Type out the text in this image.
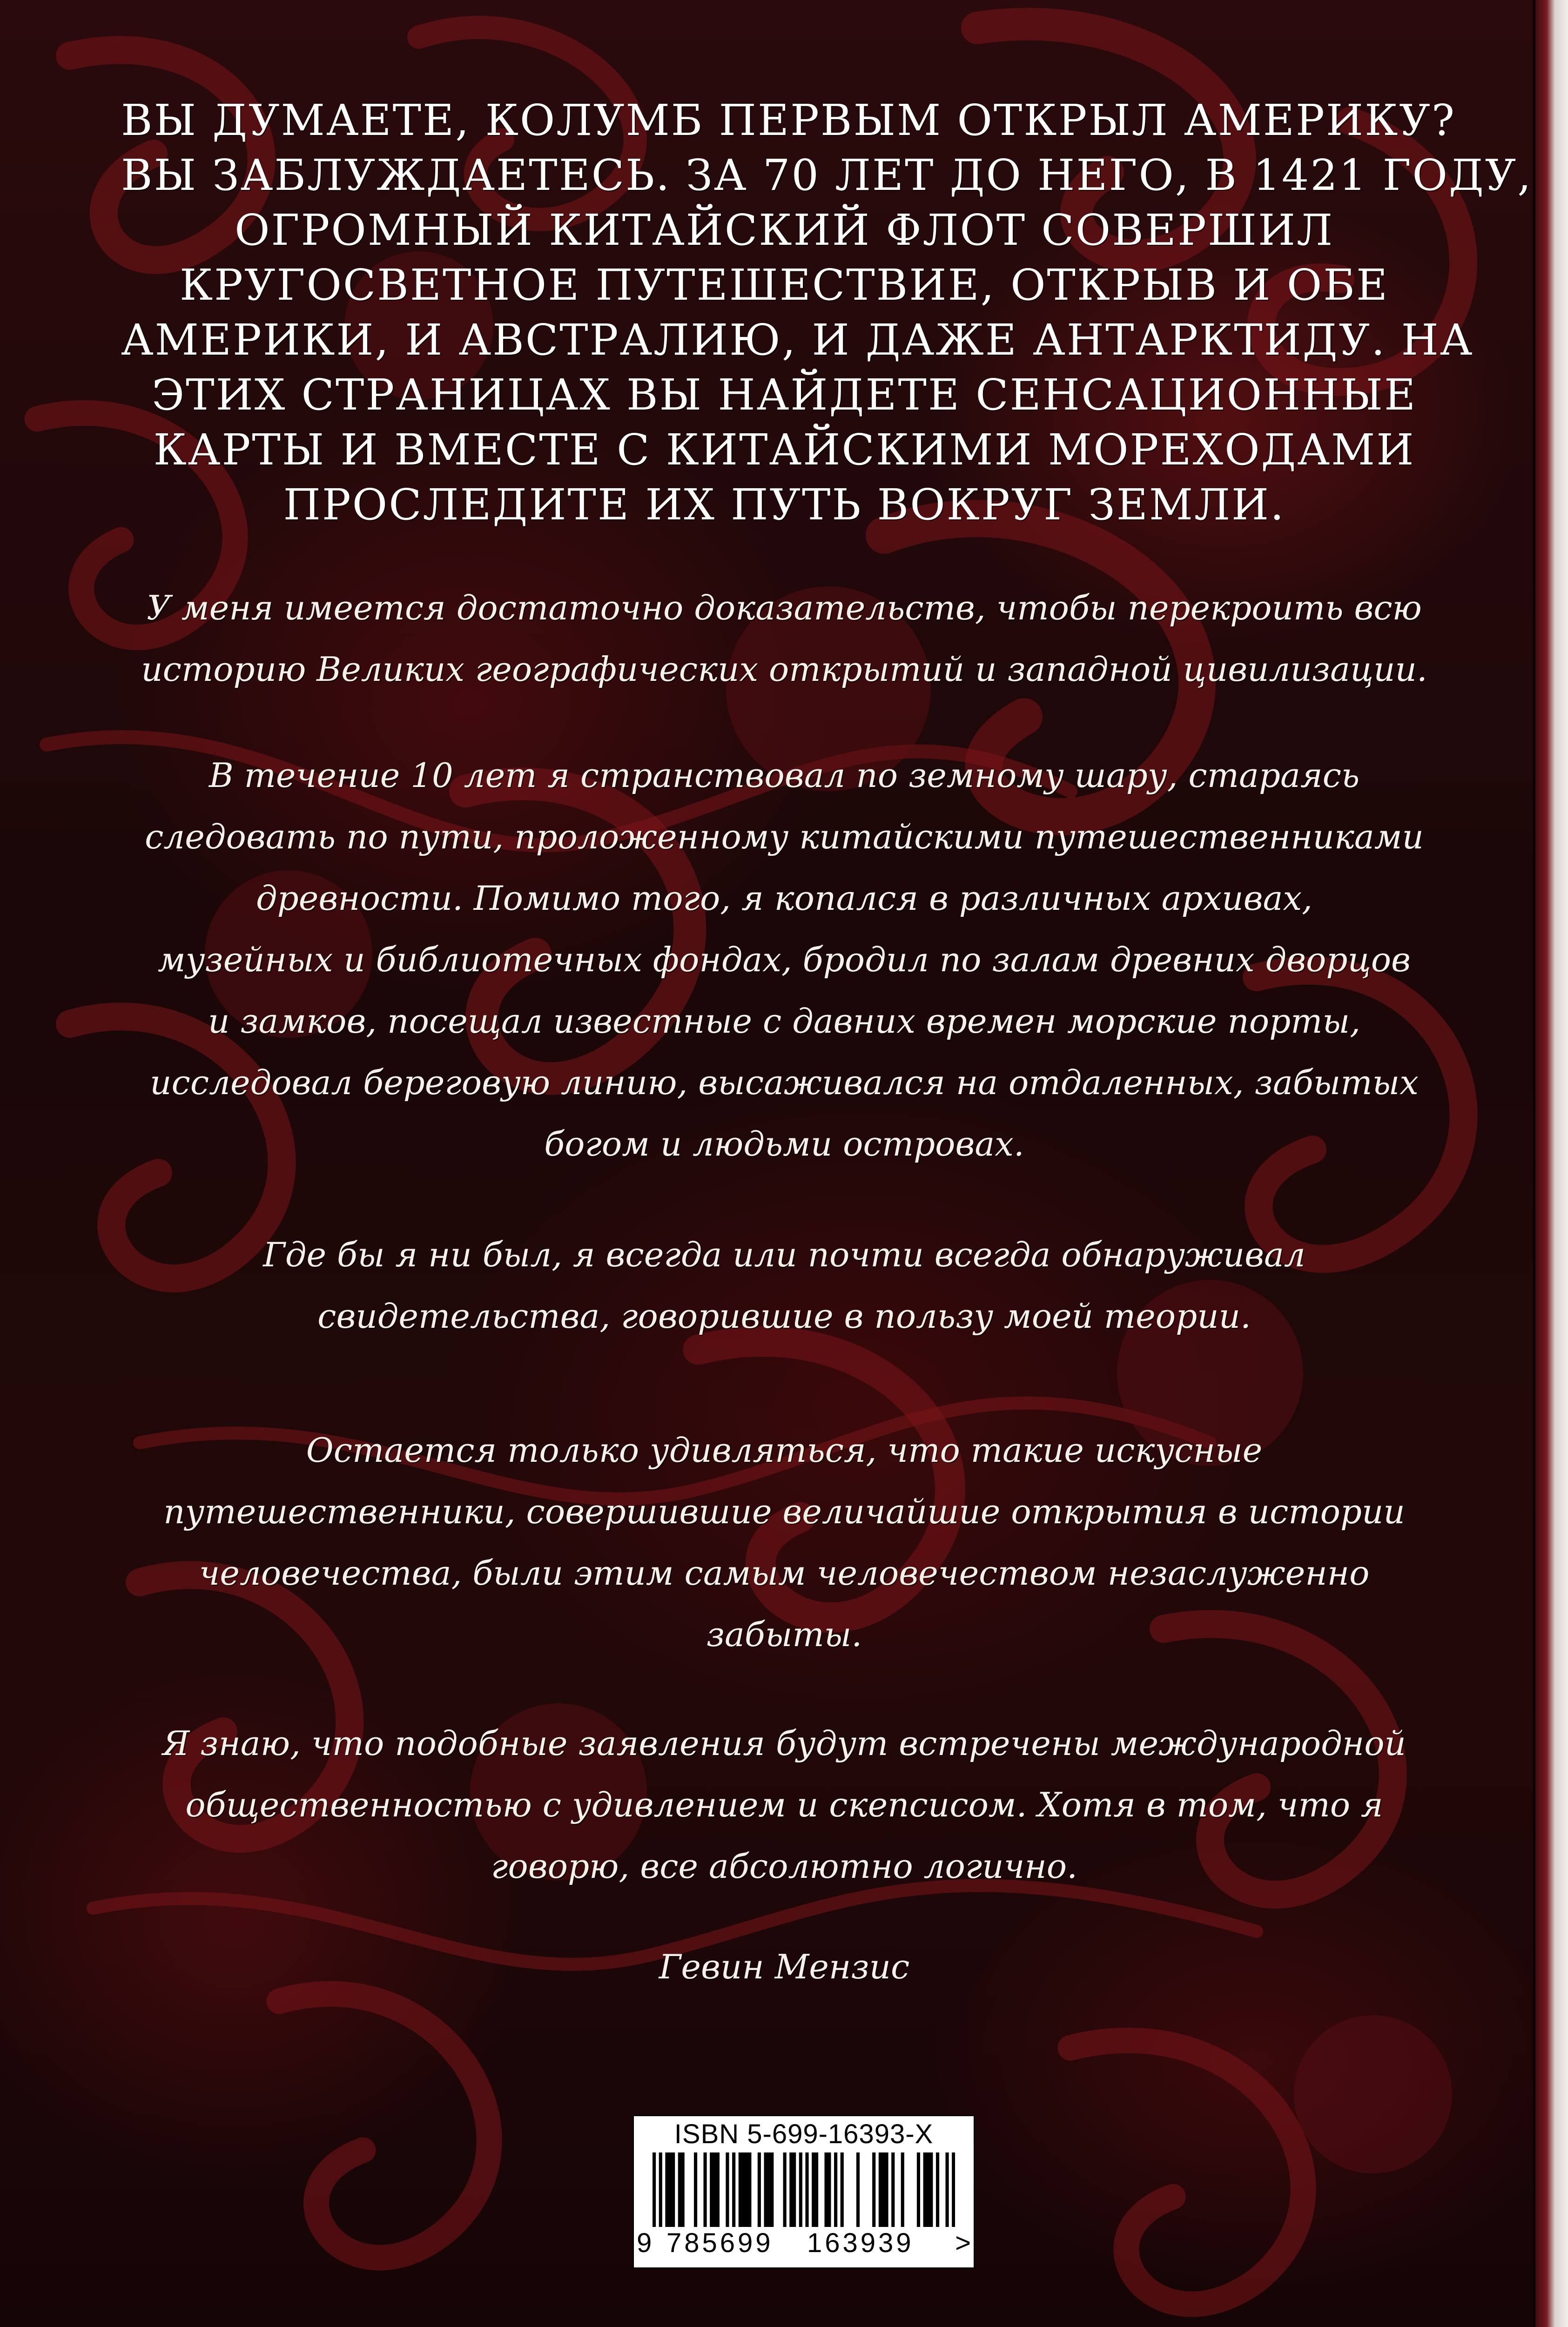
ВЫ ДУМАЕТЕ, КОЛУМБ ПЕРВЫМ ОТКРЫЛ АМЕРИКУ?
ВЫ ЗАБЛУЖДАЕТЕСЬ. ЗА 70 ЛЕТ ДО НЕГО, В 1421 ГОДУ,
ОГРОМНЫЙ КИТАЙСКИЙ ФЛОТ СОВЕРШИЛ
КРУГОСВЕТНОЕ ПУТЕШЕСТВИЕ, ОТКРЫВ И ОБЕ
АМЕРИКИ, И АВСТРАЛИЮ, И ДАЖЕ АНТАРКТИДУ. НА
ЭТИХ СТРАНИЦАХ ВЫ НАЙДЕТЕ СЕНСАЦИОННЫЕ
КАРТЫ И ВМЕСТЕ С КИТАЙСКИМИ МОРЕХОДАМИ
ПРОСЛЕДИТЕ ИХ ПУТЬ ВОКРУГ ЗЕМЛИ.
У меня имеется достаточно доказательств, чтобы перекроить всю
историю Великих географических открытий и западной цивилизации.
В течение 10 лет я странствовал по земному шару, стараясь
следовать по пути, проложенному китайскими путешественниками
древности. Помимо того, я копался в различных архивах,
музейных и библиотечных фондах, бродил по залам древних дворцов
и замков, посещал известные с давних времен морские порты,
исследовал береговую линию, высаживался на отдаленных, забытых
богом и людьми островах.
Где бы я ни был, я всегда или почти всегда обнаруживал
свидетельства, говорившие в пользу моей теории.
Остается только удивляться, что такие искусные
путешественники, совершившие величайшие открытия в истории
человечества, были этим самым человечеством незаслуженно
забыты.
Я знаю, что подобные заявления будут встречены международной
общественностью с удивлением и скепсисом. Хотя в том, что я
говорю, все абсолютно логично.
Гевин Мензис
ISBN 5-699-16393-X
9 785699 163939 >
